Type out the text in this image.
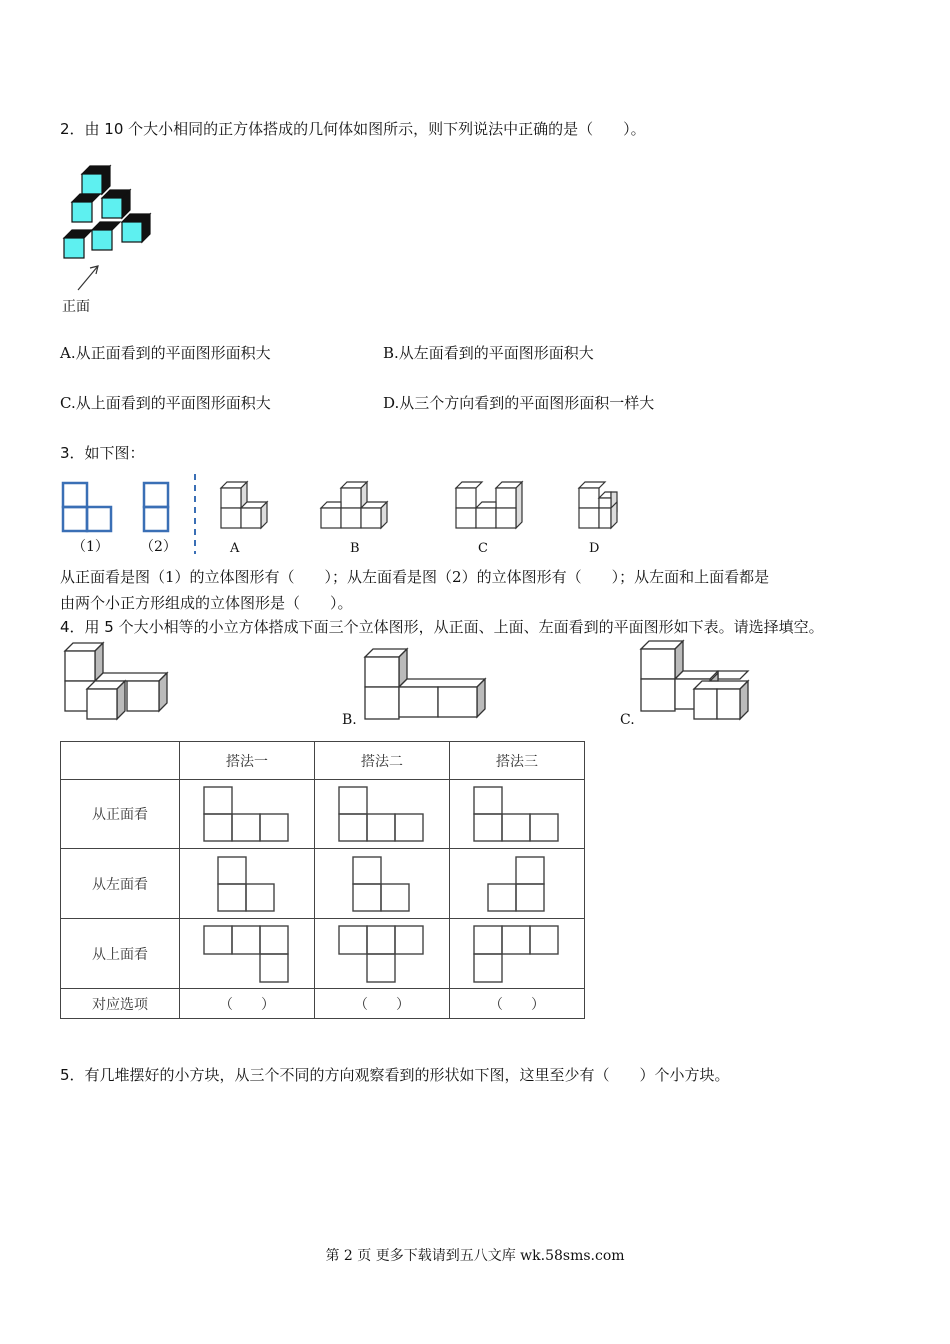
2．由 10 个大小相同的正方体搭成的几何体如图所示，则下列说法中正确的是（　　）。
正面
A.从正面看到的平面图形面积大	B.从左面看到的平面图形面积大
C.从上面看到的平面图形面积大	D.从三个方向看到的平面图形面积一样大
3．如下图：
（1） （2）	A	B	C	D
从正面看是图（1）的立体图形有（　　）；从左面看是图（2）的立体图形有（　　）；从左面和上面看都是
由两个小正方形组成的立体图形是（　　）。
4．用 5 个大小相等的小立方体搭成下面三个立体图形，从正面、上面、左面看到的平面图形如下表。请选择填空。
B.	C.
	搭法一	搭法二	搭法三
从正面看	

从左面看	

从上面看	

对应选项	（　　）	（　　）	（　　）
5．有几堆摆好的小方块，从三个不同的方向观察看到的形状如下图，这里至少有（　　）个小方块。
第 2 页 更多下载请到五八文库 wk.58sms.com
